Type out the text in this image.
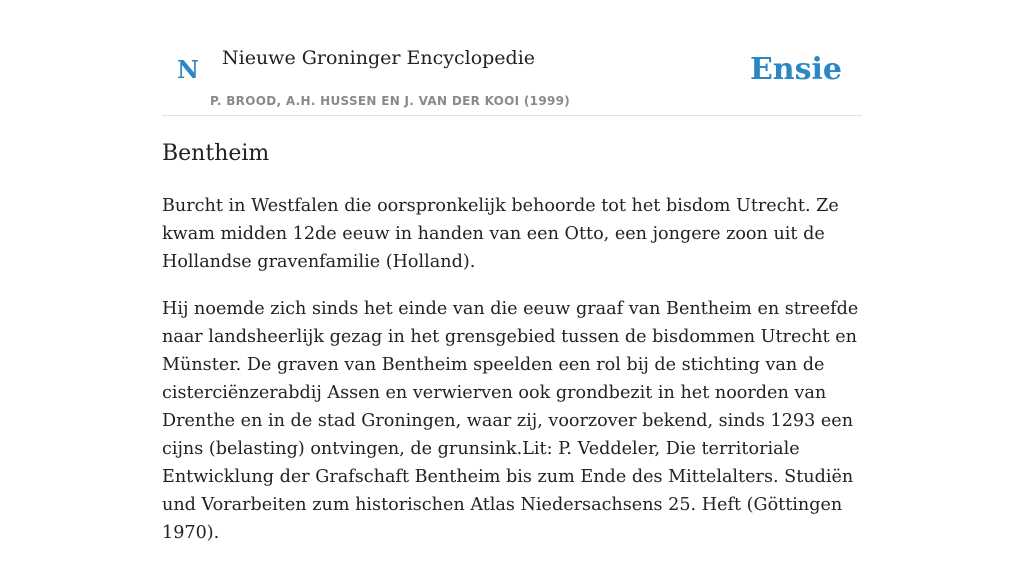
N Nieuwe Groninger Encyclopedie
P. BROOD, A.H. HUSSEN EN J. VAN DER KOOI (1999)
Ensie
Bentheim

Burcht in Westfalen die oorspronkelijk behoorde tot het bisdom Utrecht. Ze kwam midden 12de eeuw in handen van een Otto, een jongere zoon uit de Hollandse gravenfamilie (Holland).

Hij noemde zich sinds het einde van die eeuw graaf van Bentheim en streefde naar landsheerlijk gezag in het grensgebied tussen de bisdommen Utrecht en Münster. De graven van Bentheim speelden een rol bij de stichting van de cisterciënzerabdij Assen en verwierven ook grondbezit in het noorden van Drenthe en in de stad Groningen, waar zij, voorzover bekend, sinds 1293 een cijns (belasting) ontvingen, de grunsink.Lit: P. Veddeler, Die territoriale Entwicklung der Grafschaft Bentheim bis zum Ende des Mittelalters. Studiën und Vorarbeiten zum historischen Atlas Niedersachsens 25. Heft (Göttingen 1970).
